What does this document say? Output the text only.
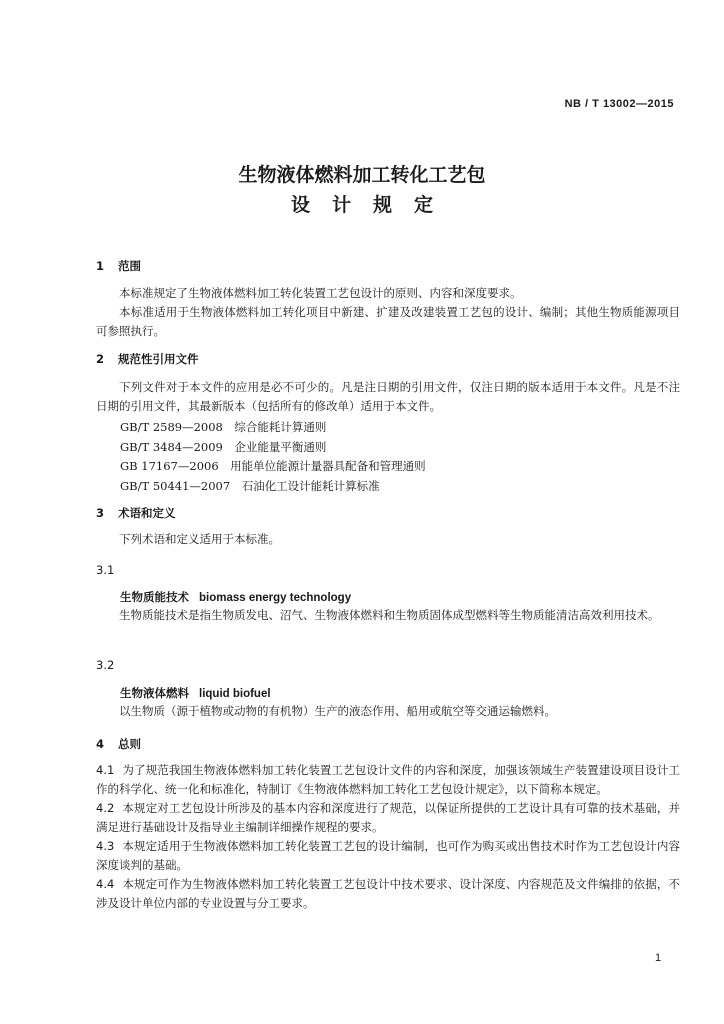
NB / T 13002—2015
生物液体燃料加工转化工艺包
设计规定
1 范围
本标准规定了生物液体燃料加工转化装置工艺包设计的原则、内容和深度要求。
本标准适用于生物液体燃料加工转化项目中新建、扩建及改建装置工艺包的设计、编制；其他生物质能源项目可参照执行。
2 规范性引用文件
下列文件对于本文件的应用是必不可少的。凡是注日期的引用文件，仅注日期的版本适用于本文件。凡是不注日期的引用文件，其最新版本（包括所有的修改单）适用于本文件。
GB/T 2589—2008　综合能耗计算通则
GB/T 3484—2009　企业能量平衡通则
GB 17167—2006　用能单位能源计量器具配备和管理通则
GB/T 50441—2007　石油化工设计能耗计算标准
3 术语和定义
下列术语和定义适用于本标准。
3.1
生物质能技术 biomass energy technology
生物质能技术是指生物质发电、沼气、生物液体燃料和生物质固体成型燃料等生物质能清洁高效利用技术。
3.2
生物液体燃料 liquid biofuel
以生物质（源于植物或动物的有机物）生产的液态作用、船用或航空等交通运输燃料。
4 总则
4.1 为了规范我国生物液体燃料加工转化装置工艺包设计文件的内容和深度，加强该领域生产装置建设项目设计工作的科学化、统一化和标准化，特制订《生物液体燃料加工转化工艺包设计规定》，以下简称本规定。
4.2 本规定对工艺包设计所涉及的基本内容和深度进行了规范，以保证所提供的工艺设计具有可靠的技术基础，并满足进行基础设计及指导业主编制详细操作规程的要求。
4.3 本规定适用于生物液体燃料加工转化装置工艺包的设计编制，也可作为购买或出售技术时作为工艺包设计内容深度谈判的基础。
4.4 本规定可作为生物液体燃料加工转化装置工艺包设计中技术要求、设计深度、内容规范及文件编排的依据，不涉及设计单位内部的专业设置与分工要求。
1
